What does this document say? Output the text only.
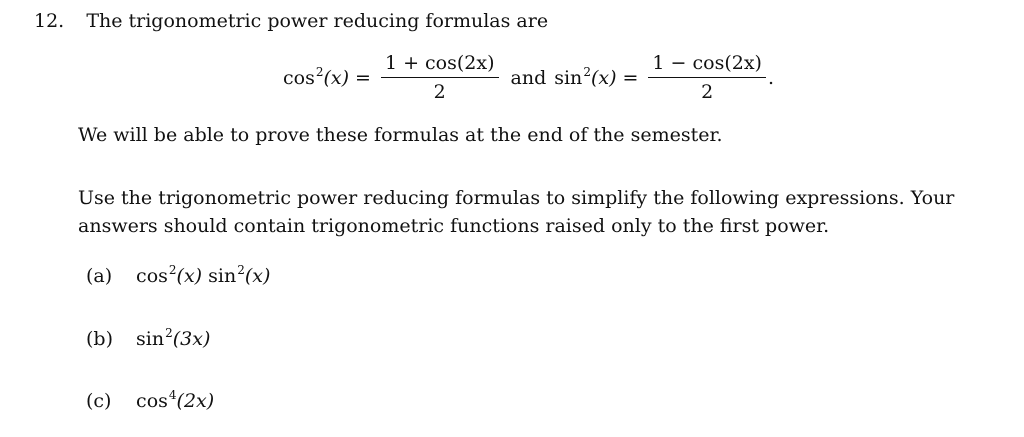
12. The trigonometric power reducing formulas are
$\cos^2(x) = \frac{1 + \cos(2x)}{2}$ and $\sin^2(x) = \frac{1 - \cos(2x)}{2}$ .
We will be able to prove these formulas at the end of the semester.
Use the trigonometric power reducing formulas to simplify the following expressions. Your
answers should contain trigonometric functions raised only to the first power.
(a) $\cos^2(x)$ $\sin^2(x)$
(b) $\sin^2(3x)$
(c) $\cos^4(2x)$
